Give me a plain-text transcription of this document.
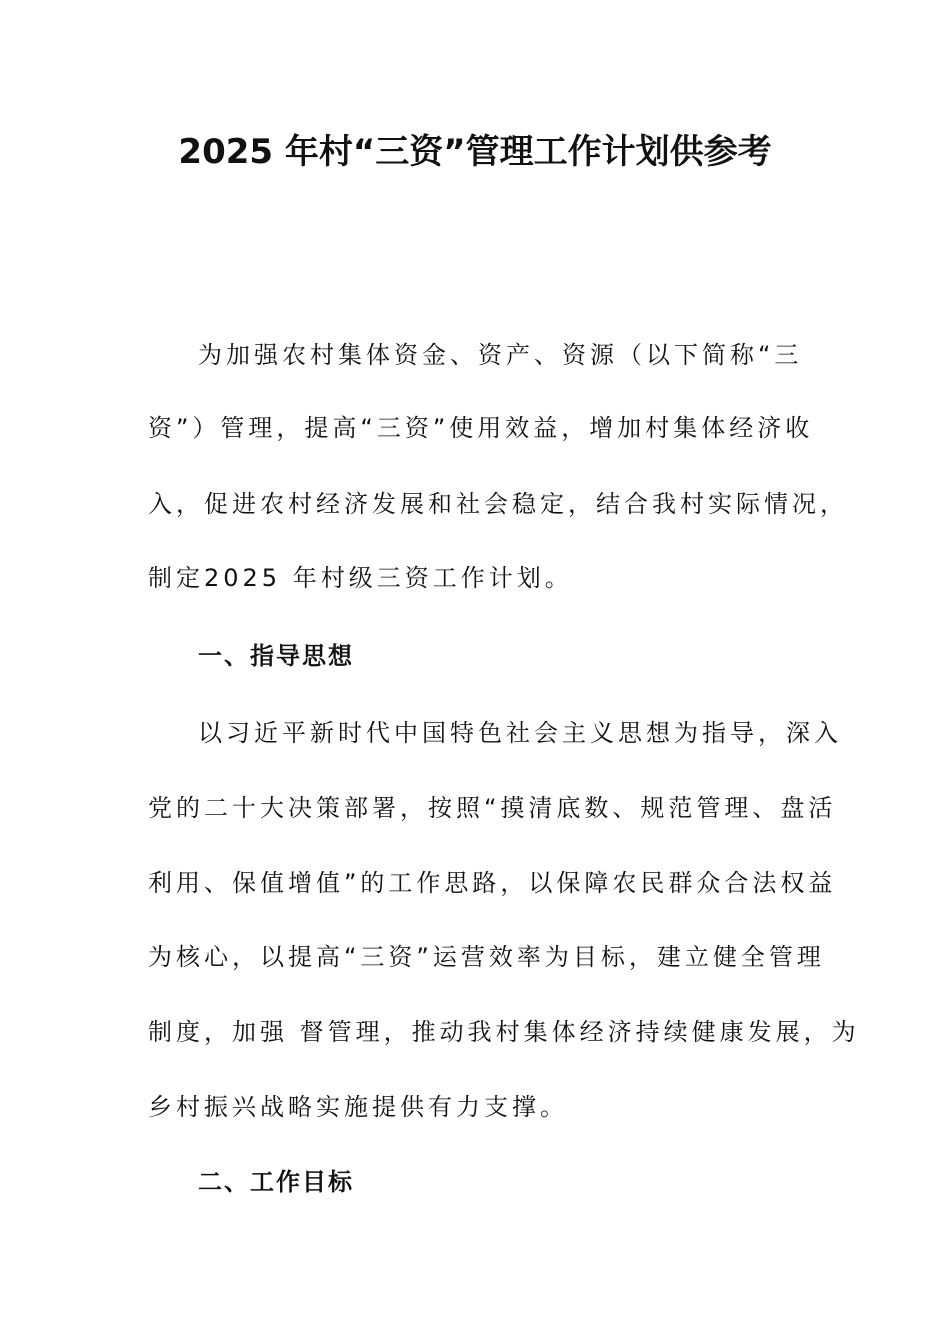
2025 年村“三资”管理工作计划供参考
为加强农村集体资金、资产、资源（以下简称“三
资”）管理，提高“三资”使用效益，增加村集体经济收
入，促进农村经济发展和社会稳定，结合我村实际情况，
制定2025 年村级三资工作计划。
一、指导思想
以习近平新时代中国特色社会主义思想为指导，深入
党的二十大决策部署，按照“摸清底数、规范管理、盘活
利用、保值增值”的工作思路，以保障农民群众合法权益
为核心，以提高“三资”运营效率为目标，建立健全管理
制度，加强 督管理，推动我村集体经济持续健康发展，为
乡村振兴战略实施提供有力支撑。
二、工作目标
